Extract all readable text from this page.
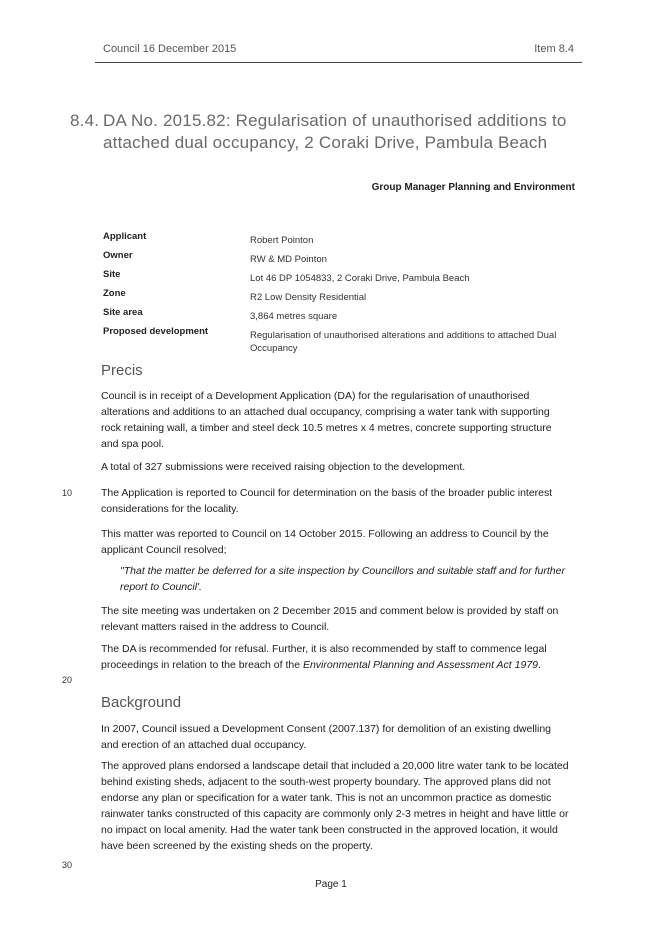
Council 16 December 2015	Item 8.4
8.4. DA No. 2015.82: Regularisation of unauthorised additions to
attached dual occupancy, 2 Coraki Drive, Pambula Beach
Group Manager Planning and Environment
Applicant	Robert Pointon
Owner	RW & MD Pointon
Site	Lot 46 DP 1054833, 2 Coraki Drive, Pambula Beach
Zone	R2 Low Density Residential
Site area	3,864 metres square
Proposed development	Regularisation of unauthorised alterations and additions to attached Dual Occupancy
Precis
Council is in receipt of a Development Application (DA) for the regularisation of unauthorised alterations and additions to an attached dual occupancy, comprising a water tank with supporting rock retaining wall, a timber and steel deck 10.5 metres x 4 metres, concrete supporting structure and spa pool.
A total of 327 submissions were received raising objection to the development.
10	The Application is reported to Council for determination on the basis of the broader public interest considerations for the locality.
This matter was reported to Council on 14 October 2015. Following an address to Council by the applicant Council resolved;
"That the matter be deferred for a site inspection by Councillors and suitable staff and for further report to Council'.
The site meeting was undertaken on 2 December 2015 and comment below is provided by staff on relevant matters raised in the address to Council.
The DA is recommended for refusal. Further, it is also recommended by staff to commence legal proceedings in relation to the breach of the Environmental Planning and Assessment Act 1979.
20
Background
In 2007, Council issued a Development Consent (2007.137) for demolition of an existing dwelling and erection of an attached dual occupancy.
The approved plans endorsed a landscape detail that included a 20,000 litre water tank to be located behind existing sheds, adjacent to the south-west property boundary. The approved plans did not endorse any plan or specification for a water tank. This is not an uncommon practice as domestic rainwater tanks constructed of this capacity are commonly only 2-3 metres in height and have little or no impact on local amenity. Had the water tank been constructed in the approved location, it would have been screened by the existing sheds on the property.
30
Page 1
